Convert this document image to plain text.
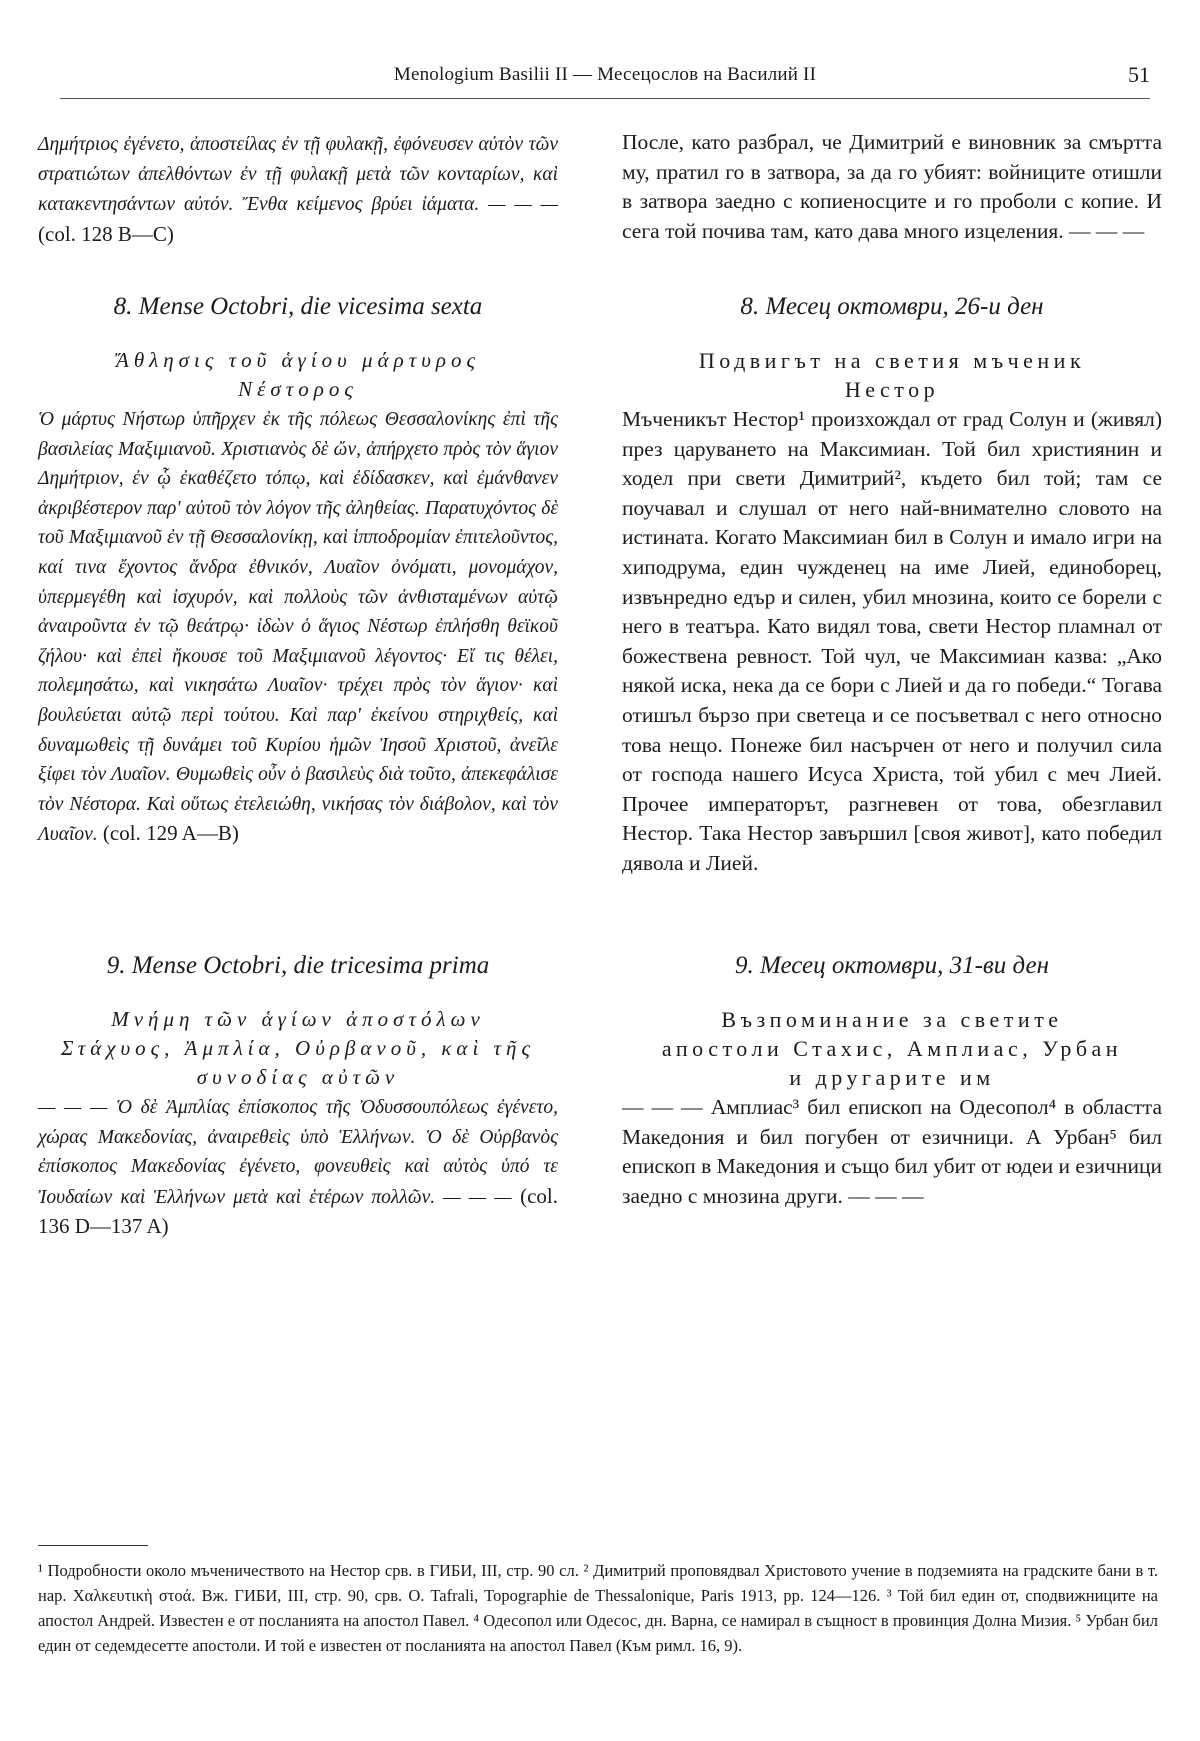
Menologium Basilii II — Месецослов на Василий II	51

Δημήτριος ἐγένετο, ἀποστείλας ἐν τῇ φυλακῇ, ἐφόνευσεν αὐτὸν τῶν στρατιώτων ἀπελθόντων ἐν τῇ φυλακῇ μετὰ τῶν κονταρίων, καὶ κατακεντησάντων αὐτόν. Ἔνθα κείμενος βρύει ἰάματα. — — — (col. 128 B—C)

8. Mense Octobri, die vicesima sexta
Ἄθλησις τοῦ ἁγίου μάρτυρος
Νέστορος

Ὁ μάρτυς Νήστωρ ὑπῆρχεν ἐκ τῆς πόλεως Θεσσαλονίκης ἐπὶ τῆς βασιλείας Μαξιμιανοῦ. Χριστιανὸς δὲ ὤν, ἀπήρχετο πρὸς τὸν ἅγιον Δημήτριον, ἐν ᾧ ἐκαθέζετο τόπῳ, καὶ ἐδίδασκεν, καὶ ἐμάνθανεν ἀκριβέστερον παρ' αὐτοῦ τὸν λόγον τῆς ἀληθείας. Παρατυχόντος δὲ τοῦ Μαξιμιανοῦ ἐν τῇ Θεσσαλονίκῃ, καὶ ἱπποδρομίαν ἐπιτελοῦντος, καί τινα ἔχοντος ἄνδρα ἐθνικόν, Λυαῖον ὀνόματι, μονομάχον, ὑπερμεγέθη καὶ ἰσχυρόν, καὶ πολλοὺς τῶν ἀνθισταμένων αὐτῷ ἀναιροῦντα ἐν τῷ θεάτρῳ· ἰδὼν ὁ ἅγιος Νέστωρ ἐπλήσθη θεϊκοῦ ζήλου· καὶ ἐπεὶ ἤκουσε τοῦ Μαξιμιανοῦ λέγοντος· Εἴ τις θέλει, πολεμησάτω, καὶ νικησάτω Λυαῖον· τρέχει πρὸς τὸν ἅγιον· καὶ βουλεύεται αὐτῷ περὶ τούτου. Καὶ παρ' ἐκείνου στηριχθείς, καὶ δυναμωθεὶς τῇ δυνάμει τοῦ Κυρίου ἡμῶν Ἰησοῦ Χριστοῦ, ἀνεῖλε ξίφει τὸν Λυαῖον. Θυμωθεὶς οὖν ὁ βασιλεὺς διὰ τοῦτο, ἀπεκεφάλισε τὸν Νέστορα. Καὶ οὕτως ἐτελειώθη, νικήσας τὸν διάβολον, καὶ τὸν Λυαῖον. (col. 129 A—B)

9. Mense Octobri, die tricesima prima
Μνήμη τῶν ἁγίων ἀποστόλων
Στάχυος, Ἀμπλία, Οὐρβανοῦ, καὶ τῆς
συνοδίας αὐτῶν

— — — Ὁ δὲ Ἀμπλίας ἐπίσκοπος τῆς Ὀδυσσουπόλεως ἐγένετο, χώρας Μακεδονίας, ἀναιρεθεὶς ὑπὸ Ἑλλήνων. Ὁ δὲ Οὐρβανὸς ἐπίσκοπος Μακεδονίας ἐγένετο, φονευθεὶς καὶ αὐτὸς ὑπό τε Ἰουδαίων καὶ Ἑλλήνων μετὰ καὶ ἑτέρων πολλῶν. — — — (col. 136 D—137 A)

После, като разбрал, че Димитрий е виновник за смъртта му, пратил го в затвора, за да го убият: войниците отишли в затвора заедно с копиеносците и го проболи с копие. И сега той почива там, като дава много изцеления. — — —

8. Месец октомври, 26-и ден
Подвигът на светия мъченик
Нестор

Мъченикът Нестор¹ произхождал от град Солун и (живял) през царуването на Максимиан. Той бил християнин и ходел при свети Димитрий², където бил той; там се поучавал и слушал от него най-внимателно словото на истината. Когато Максимиан бил в Солун и имало игри на хиподрума, един чужденец на име Лией, единоборец, извънредно едър и силен, убил мнозина, които се борели с него в театъра. Като видял това, свети Нестор пламнал от божествена ревност. Той чул, че Максимиан казва: „Ако някой иска, нека да се бори с Лией и да го победи.“ Тогава отишъл бързо при светеца и се посъветвал с него относно това нещо. Понеже бил насърчен от него и получил сила от господа нашего Исуса Христа, той убил с меч Лией. Прочее императорът, разгневен от това, обезглавил Нестор. Така Нестор завършил [своя живот], като победил дявола и Лией.

9. Месец октомври, 31-ви ден
Възпоминание за светите
апостоли Стахис, Амплиас, Урбан
и другарите им

— — — Амплиас³ бил епископ на Одесопол⁴ в областта Македония и бил погубен от езичници. А Урбан⁵ бил епископ в Македония и също бил убит от юдеи и езичници заедно с мнозина други. — — —

¹ Подробности около мъченичеството на Нестор срв. в ГИБИ, III, стр. 90 сл. ² Димитрий проповядвал Христовото учение в подземията на градските бани в т. нар. Χαλκευτικὴ στοά. Вж. ГИБИ, III, стр. 90, срв. O. Tafrali, Topographie de Thessalonique, Paris 1913, pp. 124—126. ³ Той бил един от, сподвижниците на апостол Андрей. Известен е от посланията на апостол Павел. ⁴ Одесопол или Одесос, дн. Варна, се намирал в същност в провинция Долна Мизия. ⁵ Урбан бил един от седемдесетте апостоли. И той е известен от посланията на апостол Павел (Към римл. 16, 9).
